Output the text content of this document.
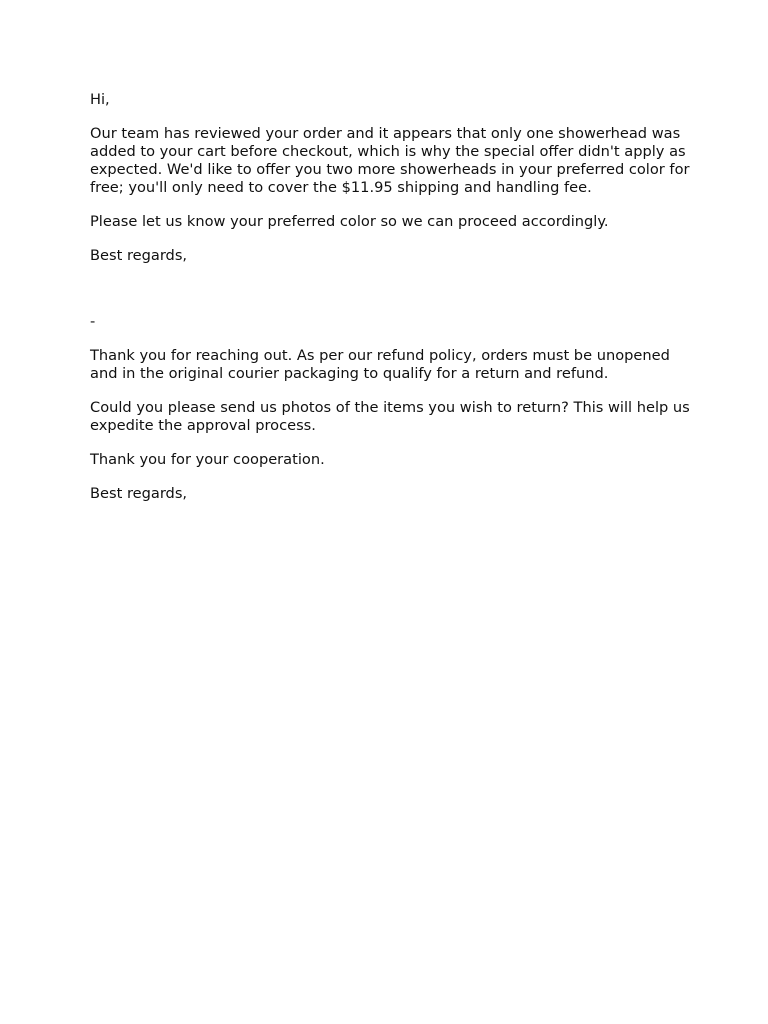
Hi,

Our team has reviewed your order and it appears that only one showerhead was added to your cart before checkout, which is why the special offer didn't apply as expected. We'd like to offer you two more showerheads in your preferred color for free; you'll only need to cover the $11.95 shipping and handling fee.

Please let us know your preferred color so we can proceed accordingly.

Best regards,

-

Thank you for reaching out. As per our refund policy, orders must be unopened and in the original courier packaging to qualify for a return and refund.

Could you please send us photos of the items you wish to return? This will help us expedite the approval process.

Thank you for your cooperation.

Best regards,
